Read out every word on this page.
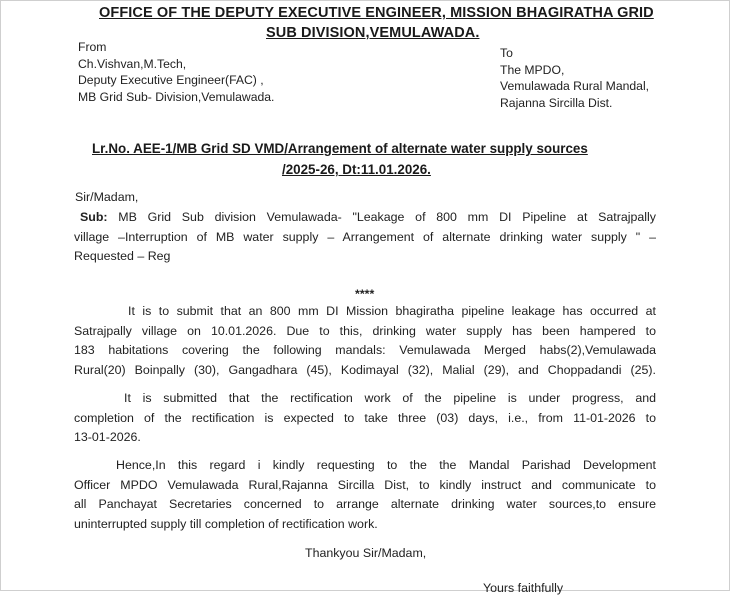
OFFICE OF THE DEPUTY EXECUTIVE ENGINEER, MISSION BHAGIRATHA GRID
SUB DIVISION,VEMULAWADA.
From
Ch.Vishvan,M.Tech,
Deputy Executive Engineer(FAC) ,
MB Grid Sub- Division,Vemulawada.
To
The MPDO,
Vemulawada Rural Mandal,
Rajanna Sircilla Dist.
Lr.No. AEE-1/MB Grid SD VMD/Arrangement of alternate water supply sources
/2025-26, Dt:11.01.2026.
Sir/Madam,
Sub: MB Grid Sub division Vemulawada- "Leakage of 800 mm DI Pipeline at Satrajpally
village –Interruption of MB water supply – Arrangement of alternate drinking water supply " –
Requested – Reg
****
It is to submit that an 800 mm DI Mission bhagiratha pipeline leakage has occurred at
Satrajpally village on 10.01.2026. Due to this, drinking water supply has been hampered to
183 habitations covering the following mandals: Vemulawada Merged habs(2),Vemulawada
Rural(20) Boinpally (30), Gangadhara (45), Kodimayal (32), Malial (29), and Choppadandi (25).
It is submitted that the rectification work of the pipeline is under progress, and
completion of the rectification is expected to take three (03) days, i.e., from 11-01-2026 to
13-01-2026.
Hence,In this regard i kindly requesting to the the Mandal Parishad Development
Officer MPDO Vemulawada Rural,Rajanna Sircilla Dist, to kindly instruct and communicate to
all Panchayat Secretaries concerned to arrange alternate drinking water sources,to ensure
uninterrupted supply till completion of rectification work.
Thankyou Sir/Madam,
Yours faithfully
